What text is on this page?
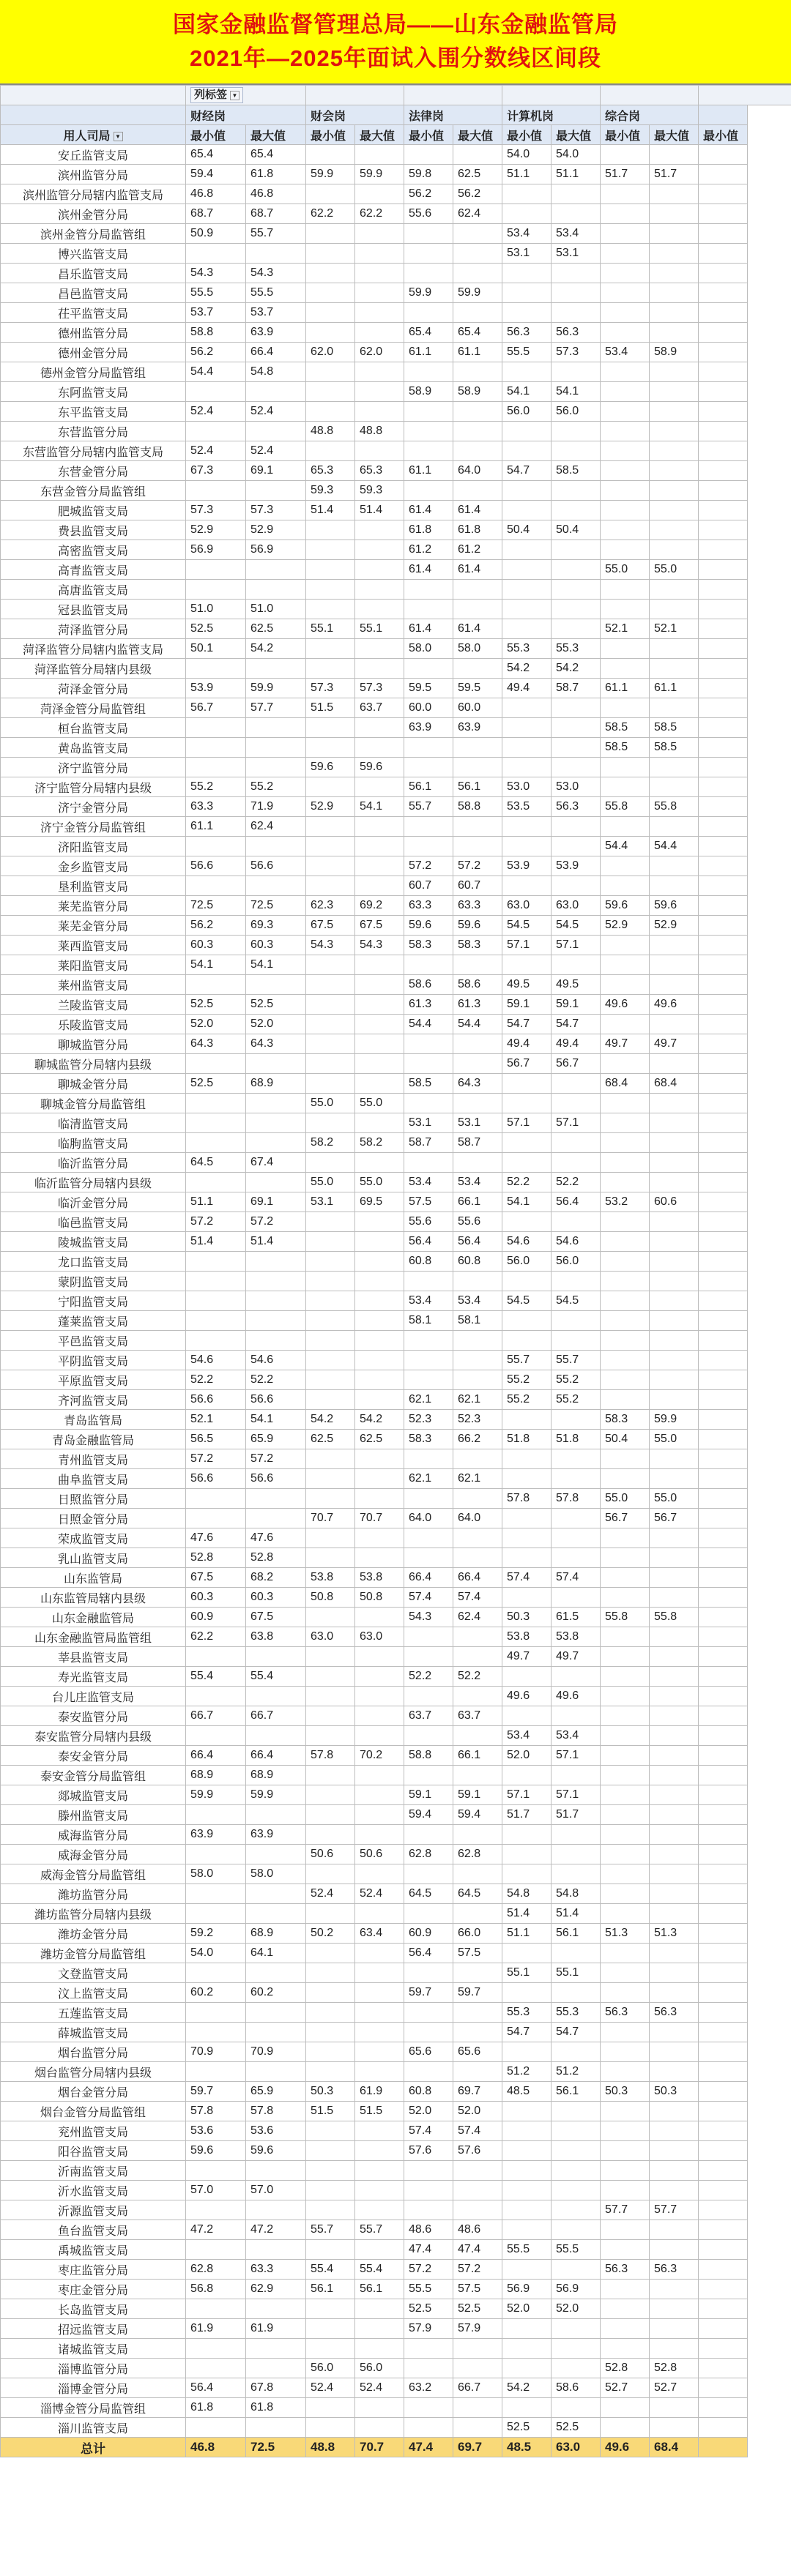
国家金融监督管理总局——山东金融监管局
2021年—2025年面试入围分数线区间段
	列标签 ▼										
	财经岗		财会岗		法律岗		计算机岗		综合岗		
用人司局 ▼	最小值	最大值	最小值	最大值	最小值	最大值	最小值	最大值	最小值	最大值	最小值
安丘监管支局	65.4	65.4					54.0	54.0			
滨州监管分局	59.4	61.8	59.9	59.9	59.8	62.5	51.1	51.1	51.7	51.7	
滨州监管分局辖内监管支局	46.8	46.8			56.2	56.2					
滨州金管分局	68.7	68.7	62.2	62.2	55.6	62.4					
滨州金管分局监管组	50.9	55.7					53.4	53.4			
博兴监管支局							53.1	53.1			
昌乐监管支局	54.3	54.3									
昌邑监管支局	55.5	55.5			59.9	59.9					
茌平监管支局	53.7	53.7									
德州监管分局	58.8	63.9			65.4	65.4	56.3	56.3			
德州金管分局	56.2	66.4	62.0	62.0	61.1	61.1	55.5	57.3	53.4	58.9	
德州金管分局监管组	54.4	54.8									
东阿监管支局					58.9	58.9	54.1	54.1			
东平监管支局	52.4	52.4					56.0	56.0			
东营监管分局			48.8	48.8							
东营监管分局辖内监管支局	52.4	52.4									
东营金管分局	67.3	69.1	65.3	65.3	61.1	64.0	54.7	58.5			
东营金管分局监管组			59.3	59.3							
肥城监管支局	57.3	57.3	51.4	51.4	61.4	61.4					
费县监管支局	52.9	52.9			61.8	61.8	50.4	50.4			
高密监管支局	56.9	56.9			61.2	61.2					
高青监管支局					61.4	61.4			55.0	55.0	
高唐监管支局											
冠县监管支局	51.0	51.0									
菏泽监管分局	52.5	62.5	55.1	55.1	61.4	61.4			52.1	52.1	
菏泽监管分局辖内监管支局	50.1	54.2			58.0	58.0	55.3	55.3			
菏泽监管分局辖内县级							54.2	54.2			
菏泽金管分局	53.9	59.9	57.3	57.3	59.5	59.5	49.4	58.7	61.1	61.1	
菏泽金管分局监管组	56.7	57.7	51.5	63.7	60.0	60.0					
桓台监管支局					63.9	63.9			58.5	58.5	
黄岛监管支局									58.5	58.5	
济宁监管分局			59.6	59.6							
济宁监管分局辖内县级	55.2	55.2			56.1	56.1	53.0	53.0			
济宁金管分局	63.3	71.9	52.9	54.1	55.7	58.8	53.5	56.3	55.8	55.8	
济宁金管分局监管组	61.1	62.4									
济阳监管支局									54.4	54.4	
金乡监管支局	56.6	56.6			57.2	57.2	53.9	53.9			
垦利监管支局					60.7	60.7					
莱芜监管分局	72.5	72.5	62.3	69.2	63.3	63.3	63.0	63.0	59.6	59.6	
莱芜金管分局	56.2	69.3	67.5	67.5	59.6	59.6	54.5	54.5	52.9	52.9	
莱西监管支局	60.3	60.3	54.3	54.3	58.3	58.3	57.1	57.1			
莱阳监管支局	54.1	54.1									
莱州监管支局					58.6	58.6	49.5	49.5			
兰陵监管支局	52.5	52.5			61.3	61.3	59.1	59.1	49.6	49.6	
乐陵监管支局	52.0	52.0			54.4	54.4	54.7	54.7			
聊城监管分局	64.3	64.3					49.4	49.4	49.7	49.7	
聊城监管分局辖内县级							56.7	56.7			
聊城金管分局	52.5	68.9			58.5	64.3			68.4	68.4	
聊城金管分局监管组			55.0	55.0							
临清监管支局					53.1	53.1	57.1	57.1			
临朐监管支局			58.2	58.2	58.7	58.7					
临沂监管分局	64.5	67.4									
临沂监管分局辖内县级			55.0	55.0	53.4	53.4	52.2	52.2			
临沂金管分局	51.1	69.1	53.1	69.5	57.5	66.1	54.1	56.4	53.2	60.6	
临邑监管支局	57.2	57.2			55.6	55.6					
陵城监管支局	51.4	51.4			56.4	56.4	54.6	54.6			
龙口监管支局					60.8	60.8	56.0	56.0			
蒙阴监管支局											
宁阳监管支局					53.4	53.4	54.5	54.5			
蓬莱监管支局					58.1	58.1					
平邑监管支局											
平阴监管支局	54.6	54.6					55.7	55.7			
平原监管支局	52.2	52.2					55.2	55.2			
齐河监管支局	56.6	56.6			62.1	62.1	55.2	55.2			
青岛监管局	52.1	54.1	54.2	54.2	52.3	52.3			58.3	59.9	
青岛金融监管局	56.5	65.9	62.5	62.5	58.3	66.2	51.8	51.8	50.4	55.0	
青州监管支局	57.2	57.2									
曲阜监管支局	56.6	56.6			62.1	62.1					
日照监管分局							57.8	57.8	55.0	55.0	
日照金管分局			70.7	70.7	64.0	64.0			56.7	56.7	
荣成监管支局	47.6	47.6									
乳山监管支局	52.8	52.8									
山东监管局	67.5	68.2	53.8	53.8	66.4	66.4	57.4	57.4			
山东监管局辖内县级	60.3	60.3	50.8	50.8	57.4	57.4					
山东金融监管局	60.9	67.5			54.3	62.4	50.3	61.5	55.8	55.8	
山东金融监管局监管组	62.2	63.8	63.0	63.0			53.8	53.8			
莘县监管支局							49.7	49.7			
寿光监管支局	55.4	55.4			52.2	52.2					
台儿庄监管支局							49.6	49.6			
泰安监管分局	66.7	66.7			63.7	63.7					
泰安监管分局辖内县级							53.4	53.4			
泰安金管分局	66.4	66.4	57.8	70.2	58.8	66.1	52.0	57.1			
泰安金管分局监管组	68.9	68.9									
郯城监管支局	59.9	59.9			59.1	59.1	57.1	57.1			
滕州监管支局					59.4	59.4	51.7	51.7			
威海监管分局	63.9	63.9									
威海金管分局			50.6	50.6	62.8	62.8					
威海金管分局监管组	58.0	58.0									
潍坊监管分局			52.4	52.4	64.5	64.5	54.8	54.8			
潍坊监管分局辖内县级							51.4	51.4			
潍坊金管分局	59.2	68.9	50.2	63.4	60.9	66.0	51.1	56.1	51.3	51.3	
潍坊金管分局监管组	54.0	64.1			56.4	57.5					
文登监管支局							55.1	55.1			
汶上监管支局	60.2	60.2			59.7	59.7					
五莲监管支局							55.3	55.3	56.3	56.3	
薛城监管支局							54.7	54.7			
烟台监管分局	70.9	70.9			65.6	65.6					
烟台监管分局辖内县级							51.2	51.2			
烟台金管分局	59.7	65.9	50.3	61.9	60.8	69.7	48.5	56.1	50.3	50.3	
烟台金管分局监管组	57.8	57.8	51.5	51.5	52.0	52.0					
兖州监管支局	53.6	53.6			57.4	57.4					
阳谷监管支局	59.6	59.6			57.6	57.6					
沂南监管支局											
沂水监管支局	57.0	57.0									
沂源监管支局									57.7	57.7	
鱼台监管支局	47.2	47.2	55.7	55.7	48.6	48.6					
禹城监管支局					47.4	47.4	55.5	55.5			
枣庄监管分局	62.8	63.3	55.4	55.4	57.2	57.2			56.3	56.3	
枣庄金管分局	56.8	62.9	56.1	56.1	55.5	57.5	56.9	56.9			
长岛监管支局					52.5	52.5	52.0	52.0			
招远监管支局	61.9	61.9			57.9	57.9					
诸城监管支局											
淄博监管分局			56.0	56.0					52.8	52.8	
淄博金管分局	56.4	67.8	52.4	52.4	63.2	66.7	54.2	58.6	52.7	52.7	
淄博金管分局监管组	61.8	61.8									
淄川监管支局							52.5	52.5			
总计	46.8	72.5	48.8	70.7	47.4	69.7	48.5	63.0	49.6	68.4	
